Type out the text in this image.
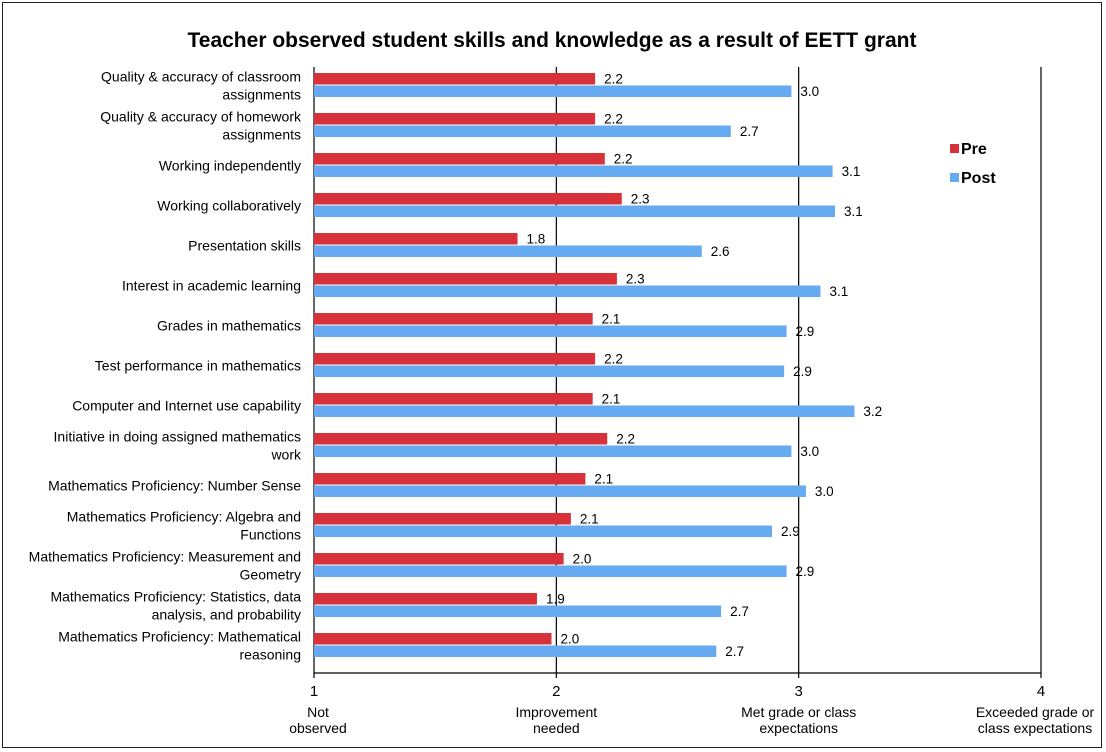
Teacher observed student skills and knowledge as a result of EETT grant
2.2
3.0
2.2
2.7
2.2
3.1
2.3
3.1
1.8
2.6
2.3
3.1
2.1
2.9
2.2
2.9
2.1
3.2
2.2
3.0
2.1
3.0
2.1
2.9
2.0
2.9
1.9
2.7
2.0
2.7
Quality & accuracy of classroom
assignments
Quality & accuracy of homework
assignments
Working independently
Working collaboratively
Presentation skills
Interest in academic learning
Grades in mathematics
Test performance in mathematics
Computer and Internet use capability
Initiative in doing assigned mathematics
work
Mathematics Proficiency: Number Sense
Mathematics Proficiency: Algebra and
Functions
Mathematics Proficiency: Measurement and
Geometry
Mathematics Proficiency: Statistics, data
analysis, and probability
Mathematics Proficiency: Mathematical
reasoning
1
Not
observed
2
Improvement
needed
3
Met grade or class
expectations
4
Exceeded grade or
class expectations
Pre
Post
